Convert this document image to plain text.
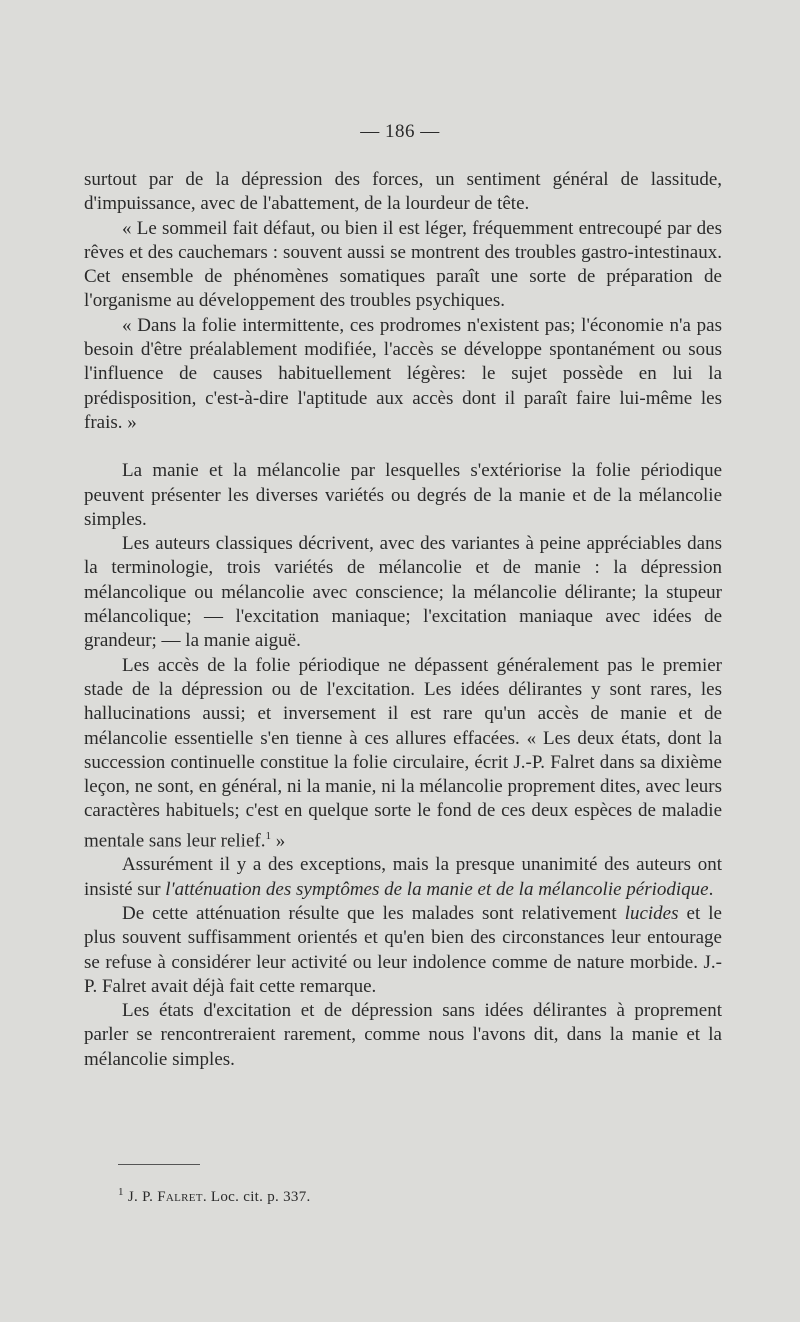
— 186 —

surtout par de la dépression des forces, un sentiment général de lassitude, d'impuissance, avec de l'abattement, de la lourdeur de tête.

« Le sommeil fait défaut, ou bien il est léger, fréquemment entrecoupé par des rêves et des cauchemars : souvent aussi se montrent des troubles gastro-intestinaux. Cet ensemble de phénomènes somatiques paraît une sorte de préparation de l'organisme au développement des troubles psychiques.

« Dans la folie intermittente, ces prodromes n'existent pas; l'économie n'a pas besoin d'être préalablement modifiée, l'accès se développe spontanément ou sous l'influence de causes habituellement légères: le sujet possède en lui la prédisposition, c'est-à-dire l'aptitude aux accès dont il paraît faire lui-même les frais. »

La manie et la mélancolie par lesquelles s'extériorise la folie périodique peuvent présenter les diverses variétés ou degrés de la manie et de la mélancolie simples.

Les auteurs classiques décrivent, avec des variantes à peine appréciables dans la terminologie, trois variétés de mélancolie et de manie : la dépression mélancolique ou mélancolie avec conscience; la mélancolie délirante; la stupeur mélancolique; — l'excitation maniaque; l'excitation maniaque avec idées de grandeur; — la manie aiguë.

Les accès de la folie périodique ne dépassent généralement pas le premier stade de la dépression ou de l'excitation. Les idées délirantes y sont rares, les hallucinations aussi; et inversement il est rare qu'un accès de manie et de mélancolie essentielle s'en tienne à ces allures effacées. « Les deux états, dont la succession continuelle constitue la folie circulaire, écrit J.-P. Falret dans sa dixième leçon, ne sont, en général, ni la manie, ni la mélancolie proprement dites, avec leurs caractères habituels; c'est en quelque sorte le fond de ces deux espèces de maladie mentale sans leur relief.$^1$ »

Assurément il y a des exceptions, mais la presque unanimité des auteurs ont insisté sur l'atténuation des symptômes de la manie et de la mélancolie périodique.

De cette atténuation résulte que les malades sont relativement lucides et le plus souvent suffisamment orientés et qu'en bien des circonstances leur entourage se refuse à considérer leur activité ou leur indolence comme de nature morbide. J.-P. Falret avait déjà fait cette remarque.

Les états d'excitation et de dépression sans idées délirantes à proprement parler se rencontreraient rarement, comme nous l'avons dit, dans la manie et la mélancolie simples.

$^1$ J. P. Falret. Loc. cit. p. 337.
